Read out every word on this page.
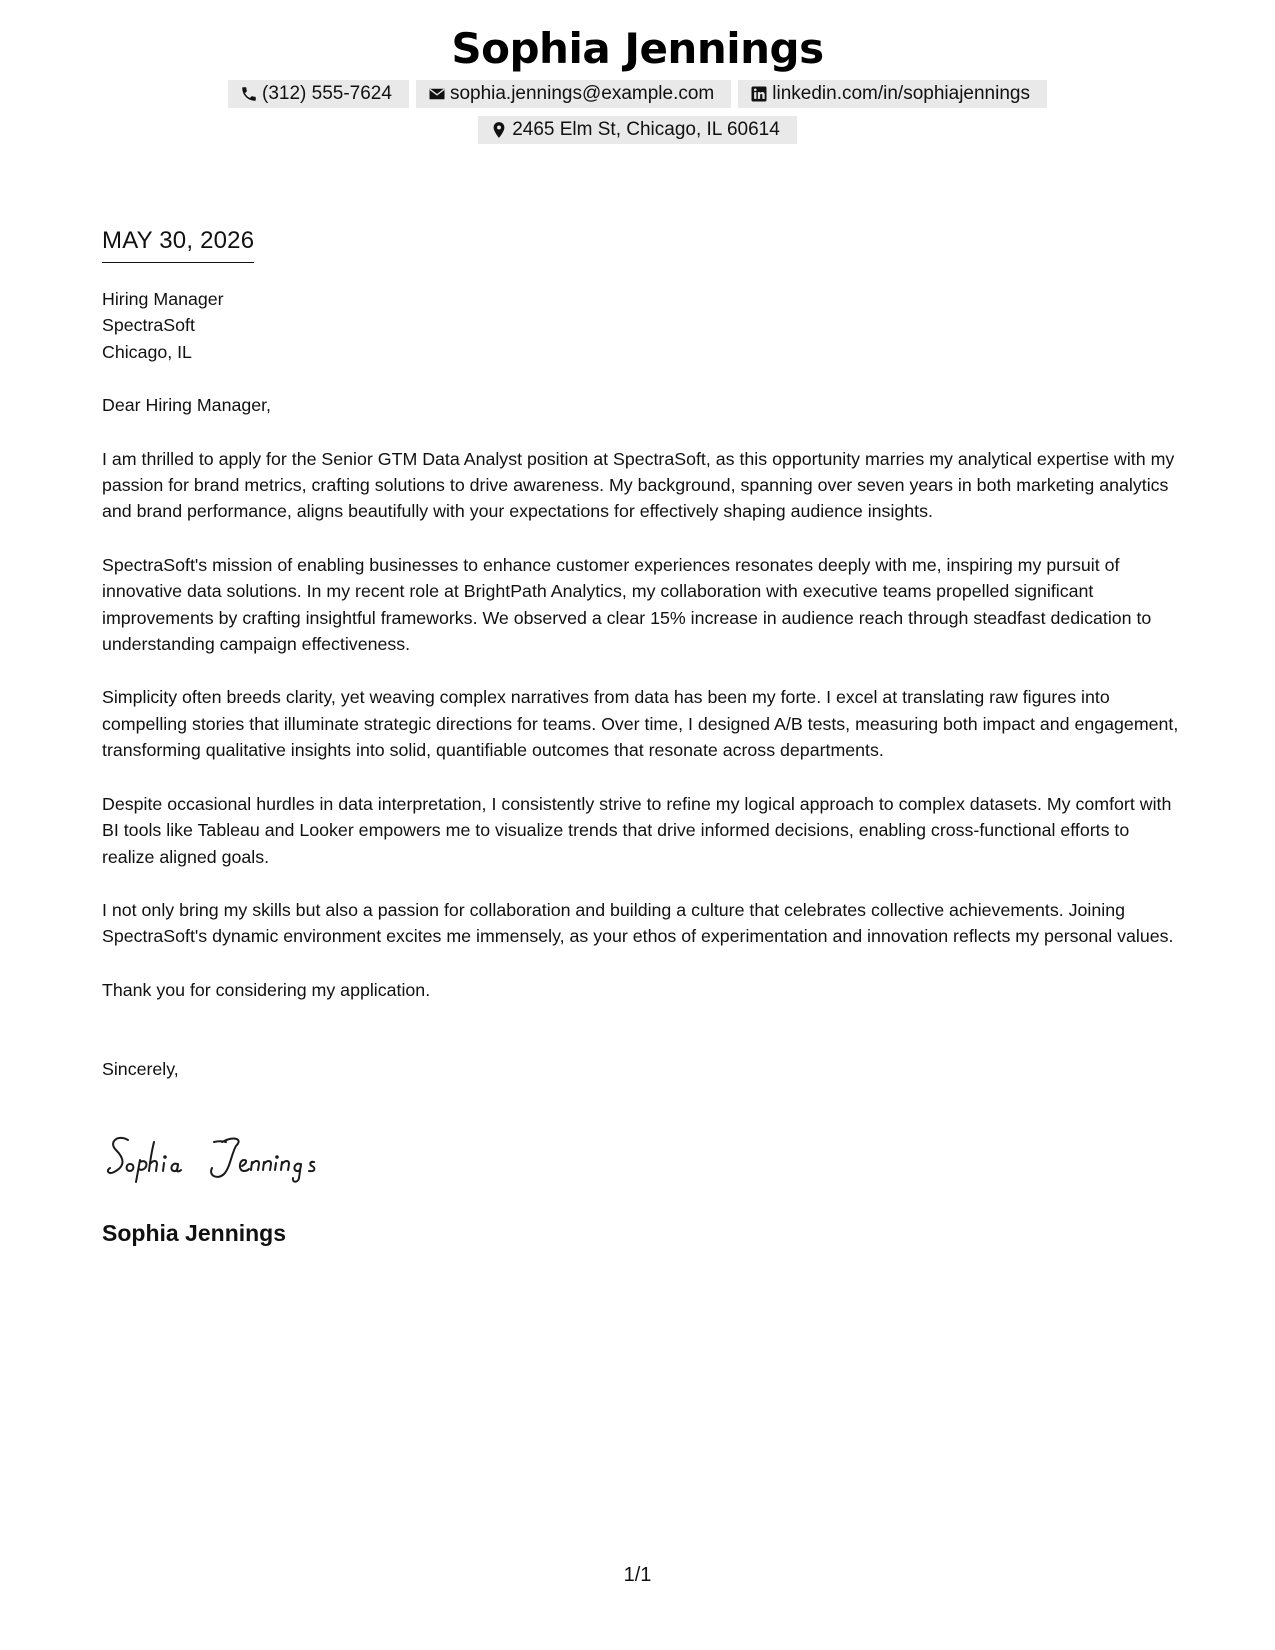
Sophia Jennings
(312) 555-7624	sophia.jennings@example.com	linkedin.com/in/sophiajennings
2465 Elm St, Chicago, IL 60614
MAY 30, 2026

Hiring Manager

SpectraSoft

Chicago, IL

Dear Hiring Manager,

I am thrilled to apply for the Senior GTM Data Analyst position at SpectraSoft, as this opportunity marries my analytical expertise with my passion for brand metrics, crafting solutions to drive awareness. My background, spanning over seven years in both marketing analytics and brand performance, aligns beautifully with your expectations for effectively shaping audience insights.

SpectraSoft's mission of enabling businesses to enhance customer experiences resonates deeply with me, inspiring my pursuit of innovative data solutions. In my recent role at BrightPath Analytics, my collaboration with executive teams propelled significant improvements by crafting insightful frameworks. We observed a clear 15% increase in audience reach through steadfast dedication to understanding campaign effectiveness.

Simplicity often breeds clarity, yet weaving complex narratives from data has been my forte. I excel at translating raw figures into compelling stories that illuminate strategic directions for teams. Over time, I designed A/B tests, measuring both impact and engagement, transforming qualitative insights into solid, quantifiable outcomes that resonate across departments.

Despite occasional hurdles in data interpretation, I consistently strive to refine my logical approach to complex datasets. My comfort with BI tools like Tableau and Looker empowers me to visualize trends that drive informed decisions, enabling cross-functional efforts to realize aligned goals.

I not only bring my skills but also a passion for collaboration and building a culture that celebrates collective achievements. Joining SpectraSoft's dynamic environment excites me immensely, as your ethos of experimentation and innovation reflects my personal values.

Thank you for considering my application.

Sincerely,

Sophia Jennings
1/1
